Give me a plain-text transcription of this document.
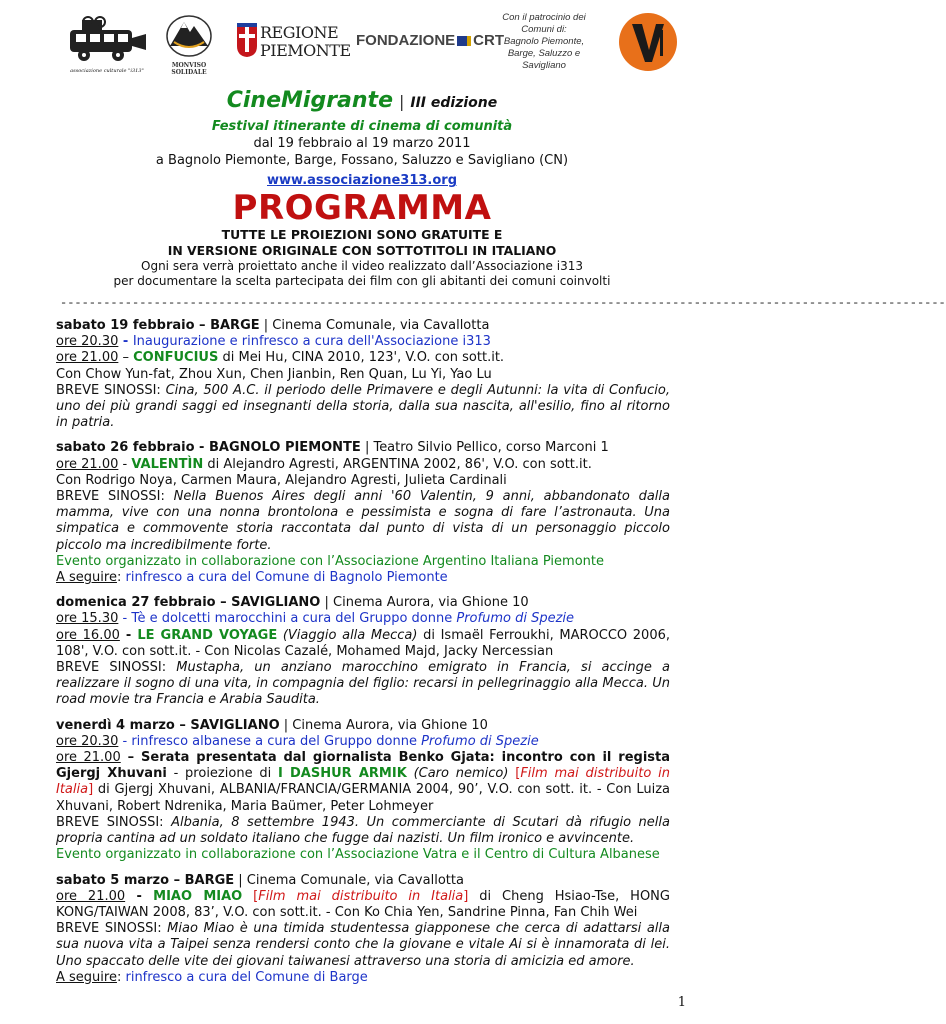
associazione culturale "i313"
MONVISO
SOLIDALE
REGIONE
PIEMONTE
FONDAZIONE CRT
Con il patrocinio dei
Comuni di:
Bagnolo Piemonte,
Barge, Saluzzo e
Savigliano
CineMigrante | III edizione
Festival itinerante di cinema di comunità
dal 19 febbraio al 19 marzo 2011
a Bagnolo Piemonte, Barge, Fossano, Saluzzo e Savigliano (CN)
www.associazione313.org
PROGRAMMA
TUTTE LE PROIEZIONI SONO GRATUITE E
IN VERSIONE ORIGINALE CON SOTTOTITOLI IN ITALIANO
Ogni sera verrà proiettato anche il video realizzato dall’Associazione i313
per documentare la scelta partecipata dei film con gli abitanti dei comuni coinvolti
---------------------------------------------------------------------------------------------------------------------------

sabato 19 febbraio – BARGE | Cinema Comunale, via Cavallotta

ore 20.30 - Inaugurazione e rinfresco a cura dell'Associazione i313

ore 21.00 – CONFUCIUS di Mei Hu, CINA 2010, 123', V.O. con sott.it.

Con Chow Yun-fat, Zhou Xun, Chen Jianbin, Ren Quan, Lu Yi, Yao Lu

BREVE SINOSSI: Cina, 500 A.C. il periodo delle Primavere e degli Autunni: la vita di Confucio, uno dei più grandi saggi ed insegnanti della storia, dalla sua nascita, all'esilio, fino al ritorno in patria.

sabato 26 febbraio - BAGNOLO PIEMONTE | Teatro Silvio Pellico, corso Marconi 1

ore 21.00 - VALENTÌN di Alejandro Agresti, ARGENTINA 2002, 86', V.O. con sott.it.

Con Rodrigo Noya, Carmen Maura, Alejandro Agresti, Julieta Cardinali

BREVE SINOSSI: Nella Buenos Aires degli anni '60 Valentin, 9 anni, abbandonato dalla mamma, vive con una nonna brontolona e pessimista e sogna di fare l’astronauta. Una simpatica e commovente storia raccontata dal punto di vista di un personaggio piccolo piccolo ma incredibilmente forte.

Evento organizzato in collaborazione con l’Associazione Argentino Italiana Piemonte

A seguire: rinfresco a cura del Comune di Bagnolo Piemonte

domenica 27 febbraio – SAVIGLIANO | Cinema Aurora, via Ghione 10

ore 15.30 - Tè e dolcetti marocchini a cura del Gruppo donne Profumo di Spezie

ore 16.00 - LE GRAND VOYAGE (Viaggio alla Mecca) di Ismaël Ferroukhi, MAROCCO 2006, 108', V.O. con sott.it. - Con Nicolas Cazalé, Mohamed Majd, Jacky Nercessian

BREVE SINOSSI: Mustapha, un anziano marocchino emigrato in Francia, si accinge a realizzare il sogno di una vita, in compagnia del figlio: recarsi in pellegrinaggio alla Mecca. Un road movie tra Francia e Arabia Saudita.

venerdì 4 marzo – SAVIGLIANO | Cinema Aurora, via Ghione 10

ore 20.30 - rinfresco albanese a cura del Gruppo donne Profumo di Spezie

ore 21.00 – Serata presentata dal giornalista Benko Gjata: incontro con il regista Gjergj Xhuvani - proiezione di I DASHUR ARMIK (Caro nemico) [Film mai distribuito in Italia] di Gjergj Xhuvani, ALBANIA/FRANCIA/GERMANIA 2004, 90’, V.O. con sott. it. - Con Luiza Xhuvani, Robert Ndrenika, Maria Baümer, Peter Lohmeyer

BREVE SINOSSI: Albania, 8 settembre 1943. Un commerciante di Scutari dà rifugio nella propria cantina ad un soldato italiano che fugge dai nazisti. Un film ironico e avvincente.

Evento organizzato in collaborazione con l’Associazione Vatra e il Centro di Cultura Albanese

sabato 5 marzo – BARGE | Cinema Comunale, via Cavallotta

ore 21.00 - MIAO MIAO [Film mai distribuito in Italia] di Cheng Hsiao-Tse, HONG KONG/TAIWAN 2008, 83’, V.O. con sott.it. - Con Ko Chia Yen, Sandrine Pinna, Fan Chih Wei

BREVE SINOSSI: Miao Miao è una timida studentessa giapponese che cerca di adattarsi alla sua nuova vita a Taipei senza rendersi conto che la giovane e vitale Ai si è innamorata di lei. Uno spaccato delle vite dei giovani taiwanesi attraverso una storia di amicizia ed amore.

A seguire: rinfresco a cura del Comune di Barge

1
